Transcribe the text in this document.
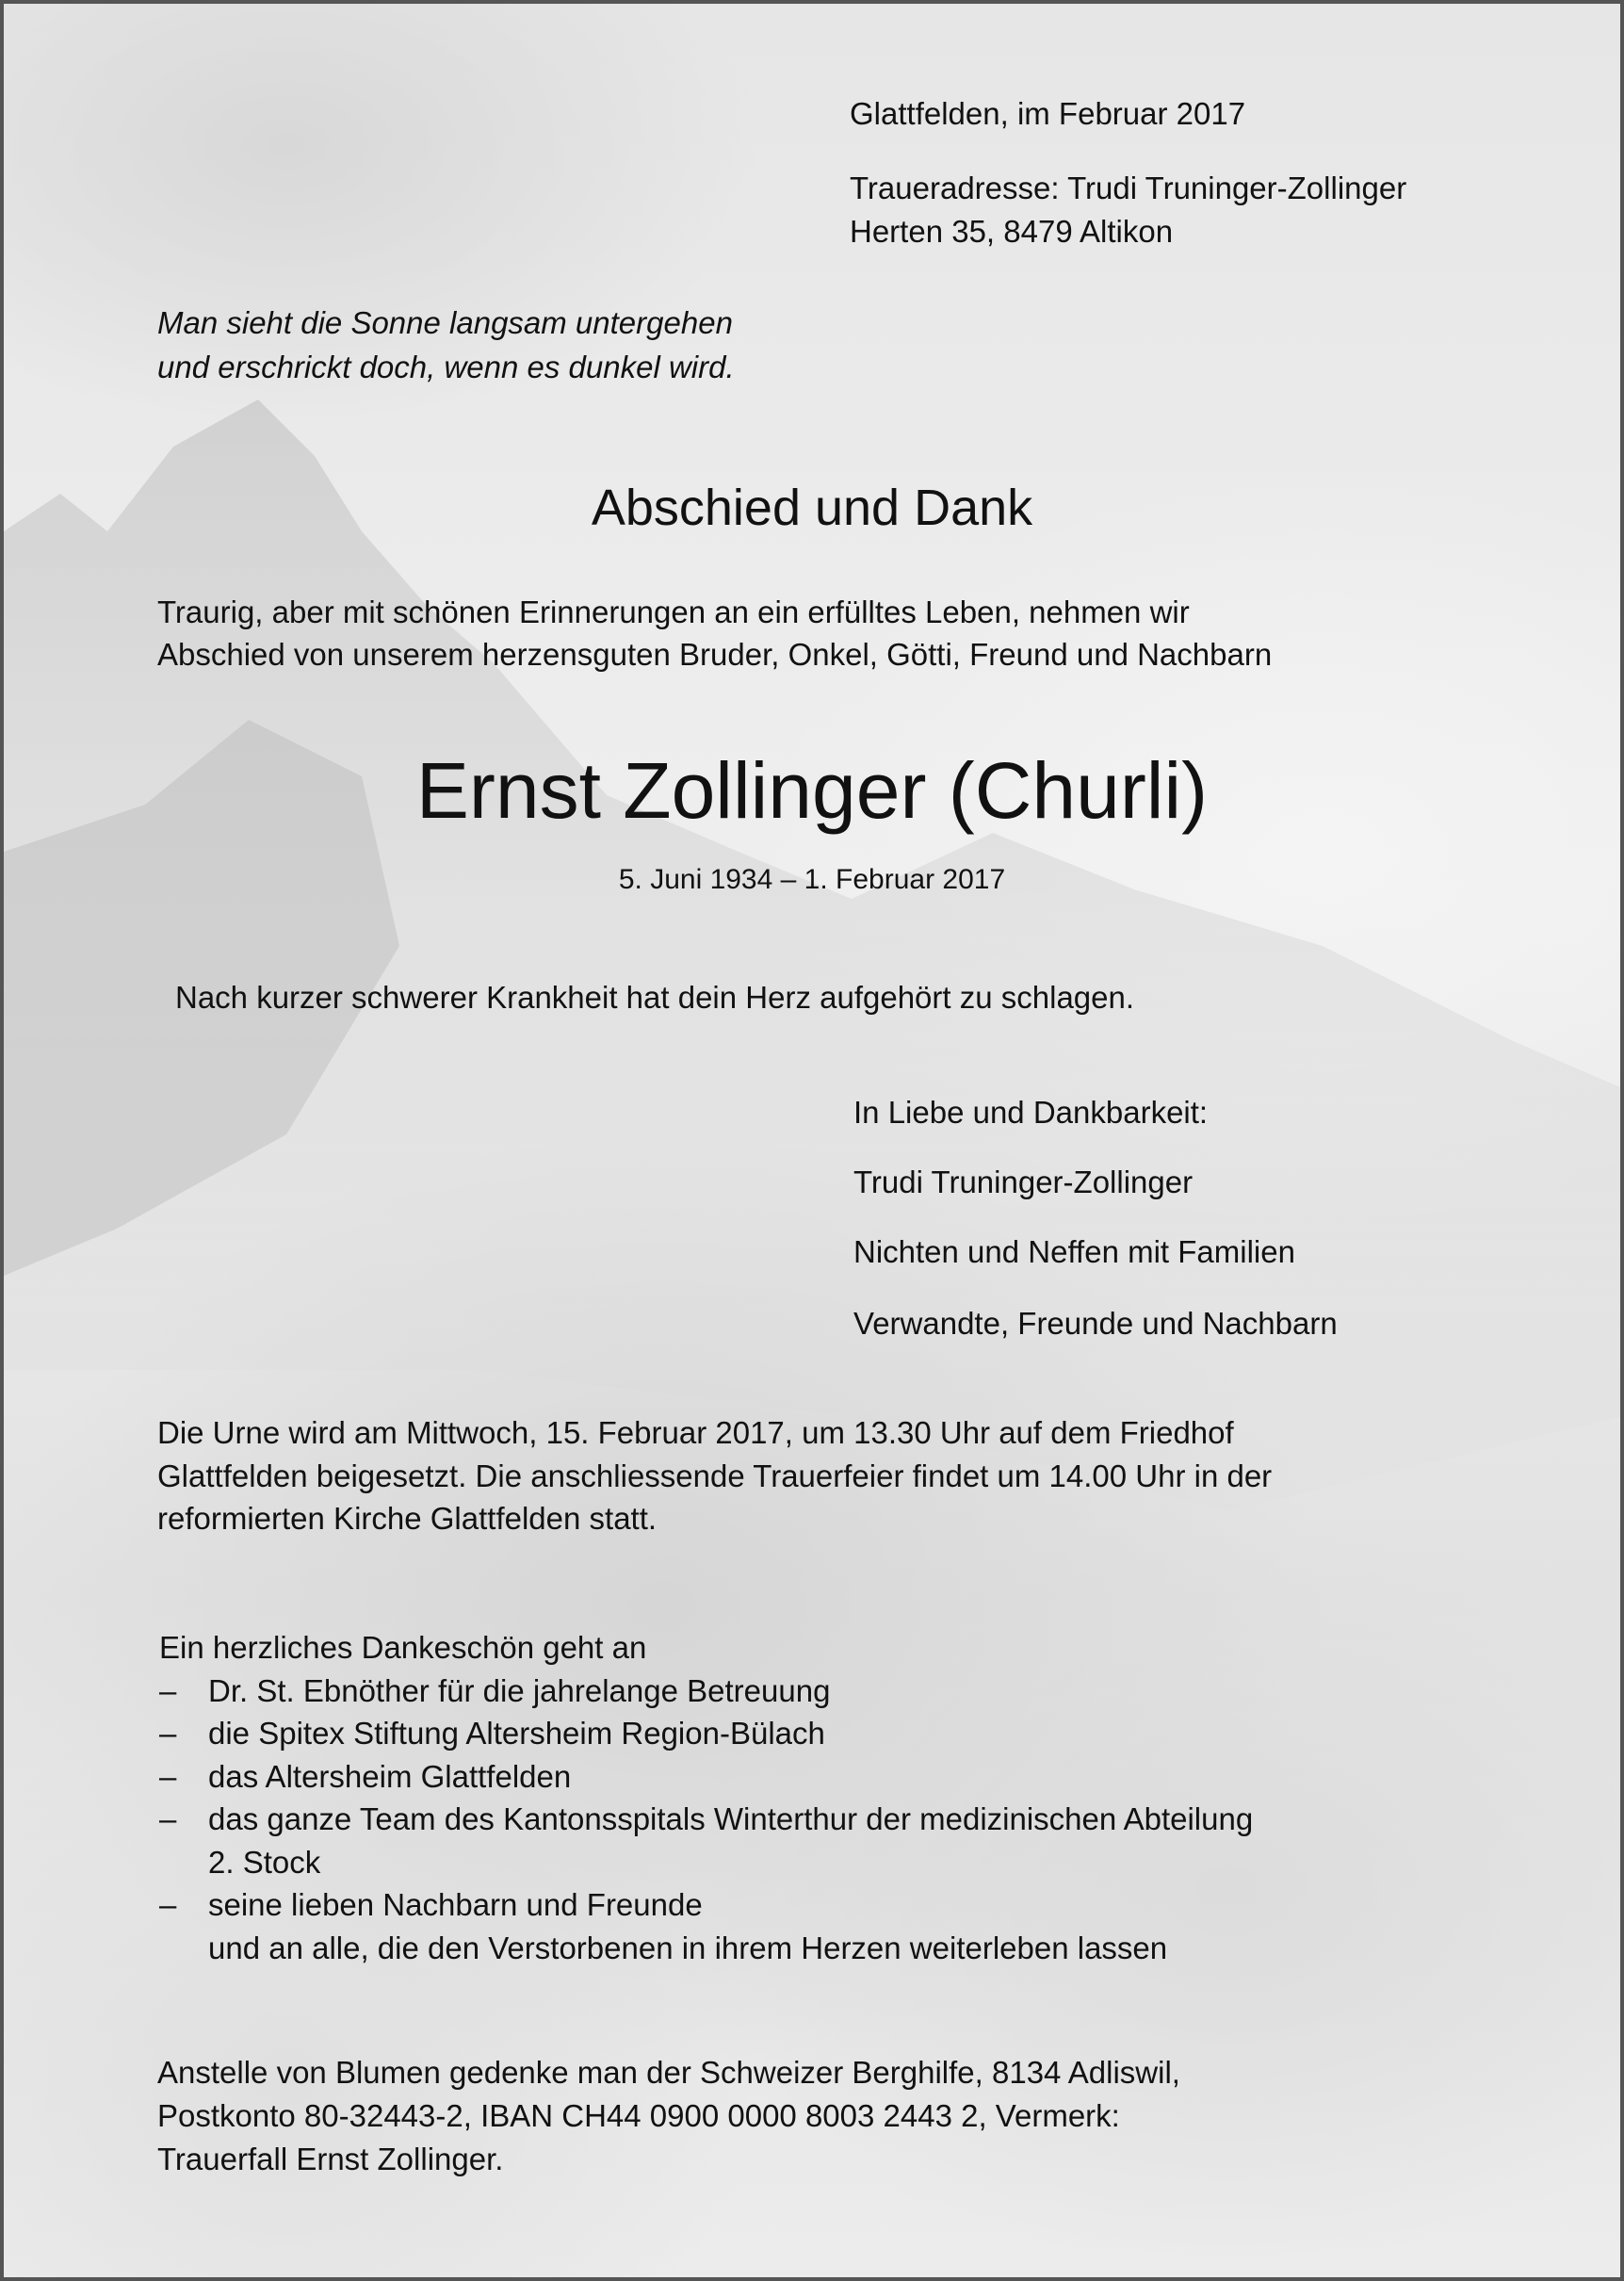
Glattfelden, im Februar 2017
Traueradresse: Trudi Truninger-Zollinger
Herten 35, 8479 Altikon
Man sieht die Sonne langsam untergehen
und erschrickt doch, wenn es dunkel wird.
Abschied und Dank
Traurig, aber mit schönen Erinnerungen an ein erfülltes Leben, nehmen wir
Abschied von unserem herzensguten Bruder, Onkel, Götti, Freund und Nachbarn
Ernst Zollinger (Churli)
5. Juni 1934 – 1. Februar 2017
Nach kurzer schwerer Krankheit hat dein Herz aufgehört zu schlagen.
In Liebe und Dankbarkeit:
Trudi Truninger-Zollinger
Nichten und Neffen mit Familien
Verwandte, Freunde und Nachbarn
Die Urne wird am Mittwoch, 15. Februar 2017, um 13.30 Uhr auf dem Friedhof
Glattfelden beigesetzt. Die anschliessende Trauerfeier findet um 14.00 Uhr in der
reformierten Kirche Glattfelden statt.
Ein herzliches Dankeschön geht an
–	Dr. St. Ebnöther für die jahrelange Betreuung
–	die Spitex Stiftung Altersheim Region-Bülach
–	das Altersheim Glattfelden
–	das ganze Team des Kantonsspitals Winterthur der medizinischen Abteilung
2. Stock
–	seine lieben Nachbarn und Freunde
und an alle, die den Verstorbenen in ihrem Herzen weiterleben lassen
Anstelle von Blumen gedenke man der Schweizer Berghilfe, 8134 Adliswil,
Postkonto 80-32443-2, IBAN CH44 0900 0000 8003 2443 2, Vermerk:
Trauerfall Ernst Zollinger.
